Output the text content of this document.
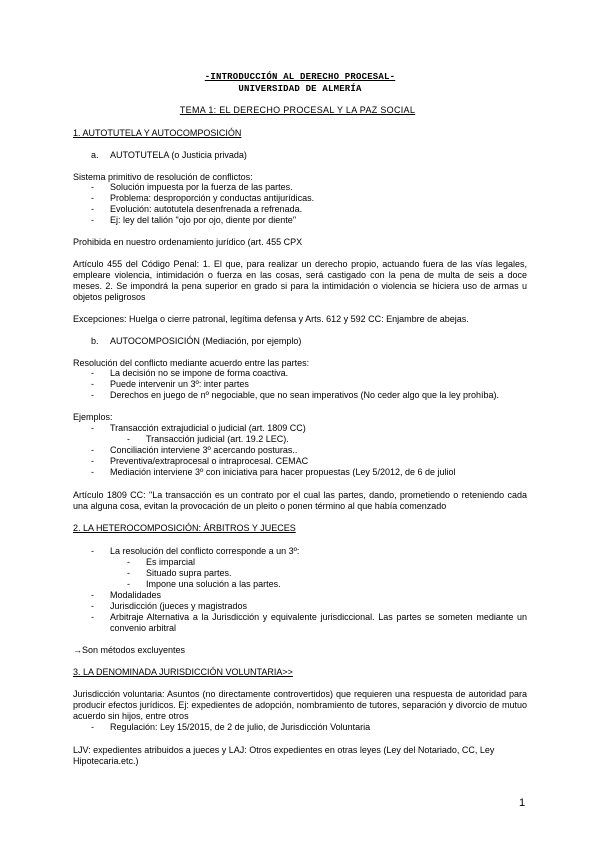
-INTRODUCCIÓN AL DERECHO PROCESAL-
UNIVERSIDAD DE ALMERÍA
TEMA 1: EL DERECHO PROCESAL Y LA PAZ SOCIAL
1. AUTOTUTELA Y AUTOCOMPOSICIÓN
a. AUTOTUTELA (o Justicia privada)
Sistema primitivo de resolución de conflictos:
- Solución impuesta por la fuerza de las partes.
- Problema: desproporción y conductas antijurídicas.
- Evolución: autotutela desenfrenada a refrenada.
- Ej: ley del talión "ojo por ojo, diente por diente"
Prohibida en nuestro ordenamiento jurídico (art. 455 CPX

Artículo 455 del Código Penal: 1. El que, para realizar un derecho propio, actuando fuera de las vías legales, empleare violencia, intimidación o fuerza en las cosas, será castigado con la pena de multa de seis a doce meses. 2. Se impondrá la pena superior en grado si para la intimidación o violencia se hiciera uso de armas u objetos peligrosos

Excepciones: Huelga o cierre patronal, legítima defensa y Arts. 612 y 592 CC: Enjambre de abejas.
b. AUTOCOMPOSICIÓN (Mediación, por ejemplo)
Resolución del conflicto mediante acuerdo entre las partes:
- La decisión no se impone de forma coactiva.
- Puede intervenir un 3º: inter partes
- Derechos en juego de nº negociable, que no sean imperativos (No ceder algo que la ley prohíba).
Ejemplos:
- Transacción extrajudicial o judicial (art. 1809 CC)
- Transacción judicial (art. 19.2 LEC).
- Conciliación interviene 3º acercando posturas..
- Preventiva/extraprocesal o intraprocesal. CEMAC
- Mediación interviene 3º con iniciativa para hacer propuestas (Ley 5/2012, de 6 de juliol

Artículo 1809 CC: "La transacción es un contrato por el cual las partes, dando, prometiendo o reteniendo cada una alguna cosa, evitan la provocación de un pleito o ponen término al que había comenzado

2. LA HETEROCOMPOSICIÓN: ÁRBITROS Y JUECES
- La resolución del conflicto corresponde a un 3º:
- Es imparcial
- Situado supra partes.
- Impone una solución a las partes.
- Modalidades
- Jurisdicción (jueces y magistrados
- Arbitraje Alternativa a la Jurisdicción y equivalente jurisdiccional. Las partes se someten mediante un convenio arbitral

→Son métodos excluyentes
3. LA DENOMINADA JURISDICCIÓN VOLUNTARIA>>

Jurisdicción voluntaria: Asuntos (no directamente controvertidos) que requieren una respuesta de autoridad para producir efectos jurídicos. Ej: expedientes de adopción, nombramiento de tutores, separación y divorcio de mutuo acuerdo sin hijos, entre otros

- Regulación: Ley 15/2015, de 2 de julio, de Jurisdicción Voluntaria

LJV: expedientes atribuidos a jueces y LAJ: Otros expedientes en otras leyes (Ley del Notariado, CC, Ley Hipotecaria.etc.)

1
